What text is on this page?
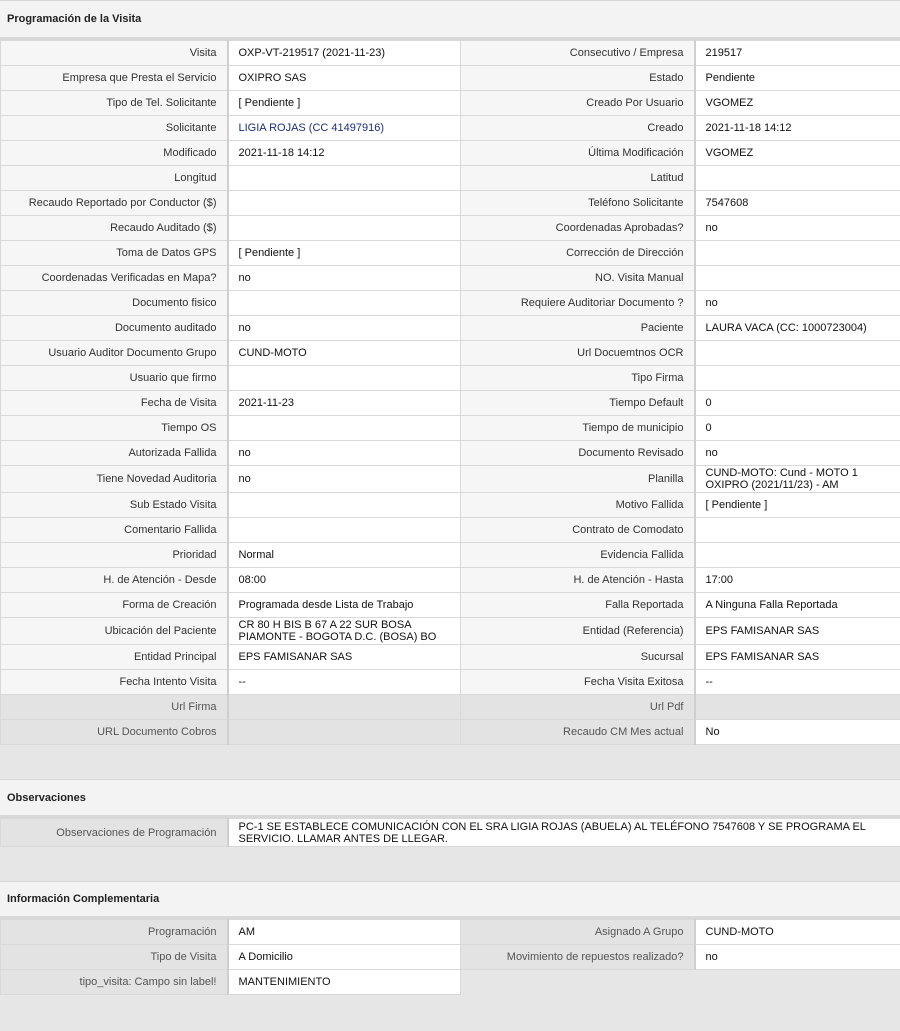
Programación de la Visita
Visita	OXP-VT-219517 (2021-11-23)	Consecutivo / Empresa	219517
Empresa que Presta el Servicio	OXIPRO SAS	Estado	Pendiente
Tipo de Tel. Solicitante	[ Pendiente ]	Creado Por Usuario	VGOMEZ
Solicitante	LIGIA ROJAS (CC 41497916)	Creado	2021-11-18 14:12
Modificado	2021-11-18 14:12	Última Modificación	VGOMEZ
Longitud		Latitud	
Recaudo Reportado por Conductor ($)		Teléfono Solicitante	7547608
Recaudo Auditado ($)		Coordenadas Aprobadas?	no
Toma de Datos GPS	[ Pendiente ]	Corrección de Dirección	
Coordenadas Verificadas en Mapa?	no	NO. Visita Manual	
Documento fisico		Requiere Auditoriar Documento ?	no
Documento auditado	no	Paciente	LAURA VACA (CC: 1000723004)
Usuario Auditor Documento Grupo	CUND-MOTO	Url Docuemtnos OCR	
Usuario que firmo		Tipo Firma	
Fecha de Visita	2021-11-23	Tiempo Default	0
Tiempo OS		Tiempo de municipio	0
Autorizada Fallida	no	Documento Revisado	no
Tiene Novedad Auditoria	no	Planilla	CUND-MOTO: Cund - MOTO 1 OXIPRO (2021/11/23) - AM
Sub Estado Visita		Motivo Fallida	[ Pendiente ]
Comentario Fallida		Contrato de Comodato	
Prioridad	Normal	Evidencia Fallida	
H. de Atención - Desde	08:00	H. de Atención - Hasta	17:00
Forma de Creación	Programada desde Lista de Trabajo	Falla Reportada	A Ninguna Falla Reportada
Ubicación del Paciente	CR 80 H BIS B 67 A 22 SUR BOSA PIAMONTE - BOGOTA D.C. (BOSA) BO	Entidad (Referencia)	EPS FAMISANAR SAS
Entidad Principal	EPS FAMISANAR SAS	Sucursal	EPS FAMISANAR SAS
Fecha Intento Visita	--	Fecha Visita Exitosa	--
Url Firma		Url Pdf	
URL Documento Cobros		Recaudo CM Mes actual	No
Observaciones
Observaciones de Programación	PC-1 SE ESTABLECE COMUNICACIÓN CON EL SRA LIGIA ROJAS (ABUELA) AL TELÉFONO 7547608 Y SE PROGRAMA EL SERVICIO. LLAMAR ANTES DE LLEGAR.
Información Complementaria
Programación	AM	Asignado A Grupo	CUND-MOTO
Tipo de Visita	A Domicilio	Movimiento de repuestos realizado?	no
tipo_visita: Campo sin label!	MANTENIMIENTO		
